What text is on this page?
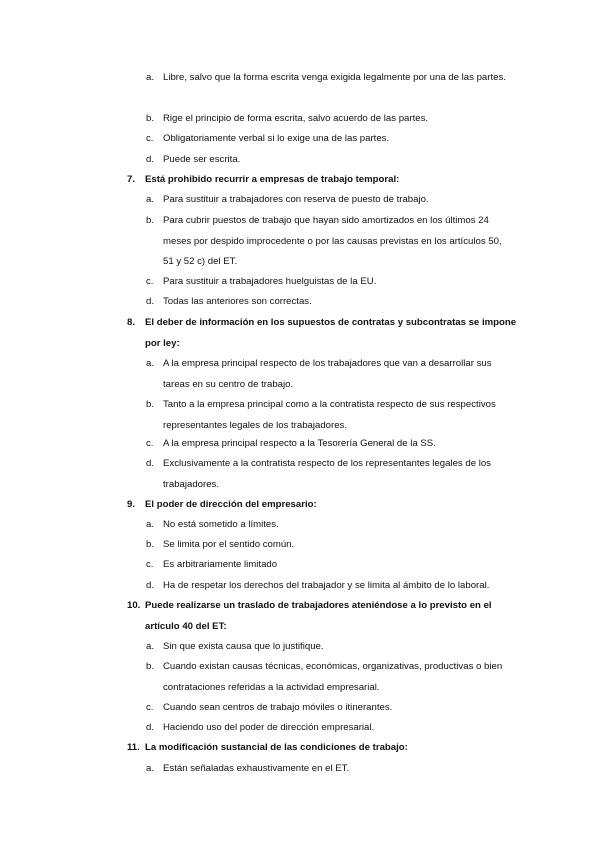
a. Libre, salvo que la forma escrita venga exigida legalmente por una de las partes.
b. Rige el principio de forma escrita, salvo acuerdo de las partes.
c. Obligatoriamente verbal si lo exige una de las partes.
d. Puede ser escrita.
7.	Está prohibido recurrir a empresas de trabajo temporal:
a. Para sustituir a trabajadores con reserva de puesto de trabajo.
b. Para cubrir puestos de trabajo que hayan sido amortizados en los últimos 24 meses por despido improcedente o por las causas previstas en los artículos 50, 51 y 52 c) del ET.
c. Para sustituir a trabajadores huelguistas de la EU.
d. Todas las anteriores son correctas.
8.	El deber de información en los supuestos de contratas y subcontratas se impone por ley:
a. A la empresa principal respecto de los trabajadores que van a desarrollar sus tareas en su centro de trabajo.
b. Tanto a la empresa principal como a la contratista respecto de sus respectivos representantes legales de los trabajadores.
c. A la empresa principal respecto a la Tesorería General de la SS.
d. Exclusivamente a la contratista respecto de los representantes legales de los trabajadores.
9.	El poder de dirección del empresario:
a. No está sometido a límites.
b. Se limita por el sentido común.
c. Es arbitrariamente limitado
d. Ha de respetar los derechos del trabajador y se limita al ámbito de lo laboral.
10. Puede realizarse un traslado de trabajadores ateniéndose a lo previsto en el artículo 40 del ET:
a. Sin que exista causa que lo justifique.
b. Cuando existan causas técnicas, económicas, organizativas, productivas o bien contrataciones referidas a la actividad empresarial.
c. Cuando sean centros de trabajo móviles o itinerantes.
d. Haciendo uso del poder de dirección empresarial.
11. La modificación sustancial de las condiciones de trabajo:
a. Están señaladas exhaustivamente en el ET.
